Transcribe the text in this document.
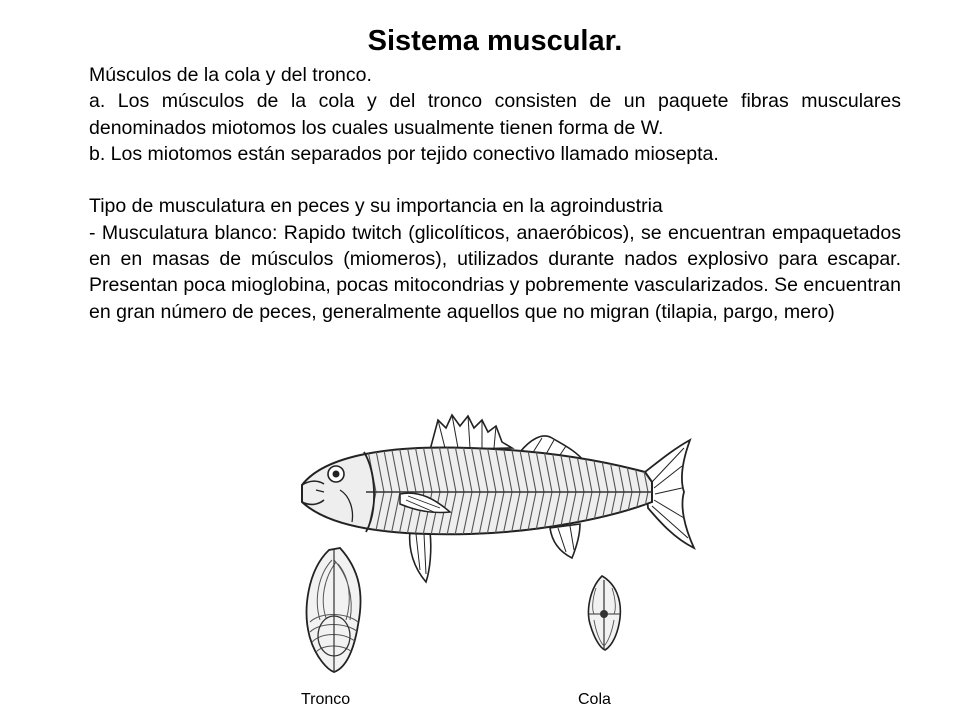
Sistema muscular.

Músculos de la cola y del tronco.

a. Los músculos de la cola y del tronco consisten de un paquete fibras musculares denominados miotomos los cuales usualmente tienen forma de W.

b. Los miotomos están separados por tejido conectivo llamado miosepta.

Tipo de musculatura en peces y su importancia en la agroindustria

- Musculatura blanco: Rapido twitch (glicolíticos, anaeróbicos), se encuentran empaquetados en en masas de músculos (miomeros), utilizados durante nados explosivo para escapar. Presentan poca mioglobina, pocas mitocondrias y pobremente vascularizados. Se encuentran en gran número de peces, generalmente aquellos que no migran (tilapia, pargo, mero)

Tronco	Cola
